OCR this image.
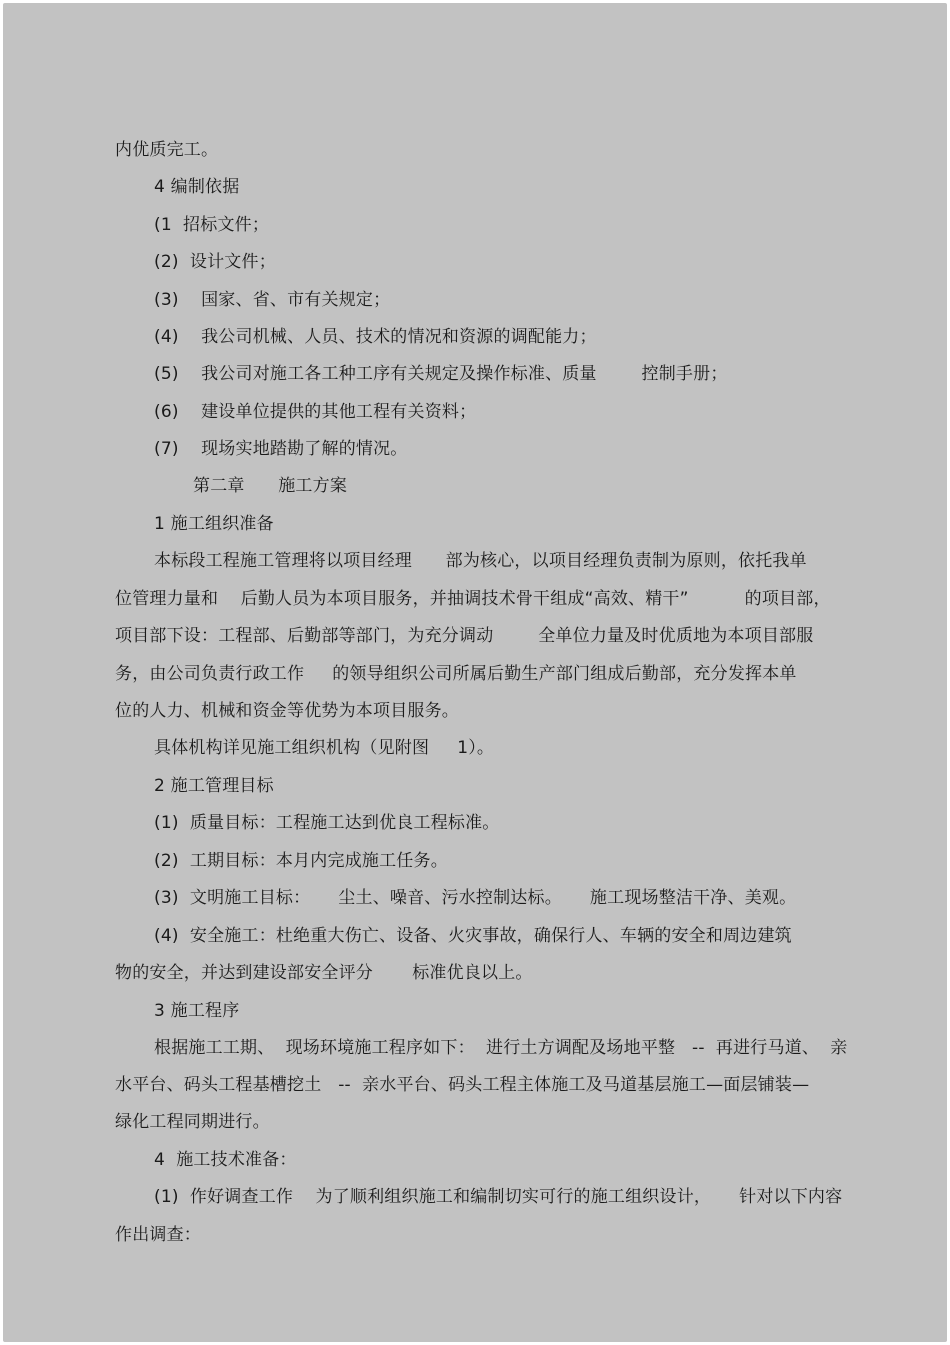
内优质完工。
4 编制依据
(1  招标文件；
(2)  设计文件；
(3)    国家、省、市有关规定；
(4)    我公司机械、人员、技术的情况和资源的调配能力；
(5)    我公司对施工各工种工序有关规定及操作标准、质量        控制手册；
(6)    建设单位提供的其他工程有关资料；
(7)    现场实地踏勘了解的情况。
第二章      施工方案
1 施工组织准备
本标段工程施工管理将以项目经理      部为核心，以项目经理负责制为原则，依托我单
位管理力量和    后勤人员为本项目服务，并抽调技术骨干组成“高效、精干”          的项目部，
项目部下设：工程部、后勤部等部门，为充分调动        全单位力量及时优质地为本项目部服
务，由公司负责行政工作     的领导组织公司所属后勤生产部门组成后勤部，充分发挥本单
位的人力、机械和资金等优势为本项目服务。
具体机构详见施工组织机构（见附图     1）。
2 施工管理目标
(1)  质量目标：工程施工达到优良工程标准。
(2)  工期目标：本月内完成施工任务。
(3)  文明施工目标：     尘土、噪音、污水控制达标。     施工现场整洁干净、美观。
(4)  安全施工：杜绝重大伤亡、设备、火灾事故，确保行人、车辆的安全和周边建筑
物的安全，并达到建设部安全评分       标准优良以上。
3 施工程序
根据施工工期、  现场环境施工程序如下：  进行土方调配及场地平整   --  再进行马道、  亲
水平台、码头工程基槽挖土   --  亲水平台、码头工程主体施工及马道基层施工—面层铺装—
绿化工程同期进行。
4  施工技术准备：
(1)  作好调查工作    为了顺利组织施工和编制切实可行的施工组织设计，     针对以下内容
作出调查：
